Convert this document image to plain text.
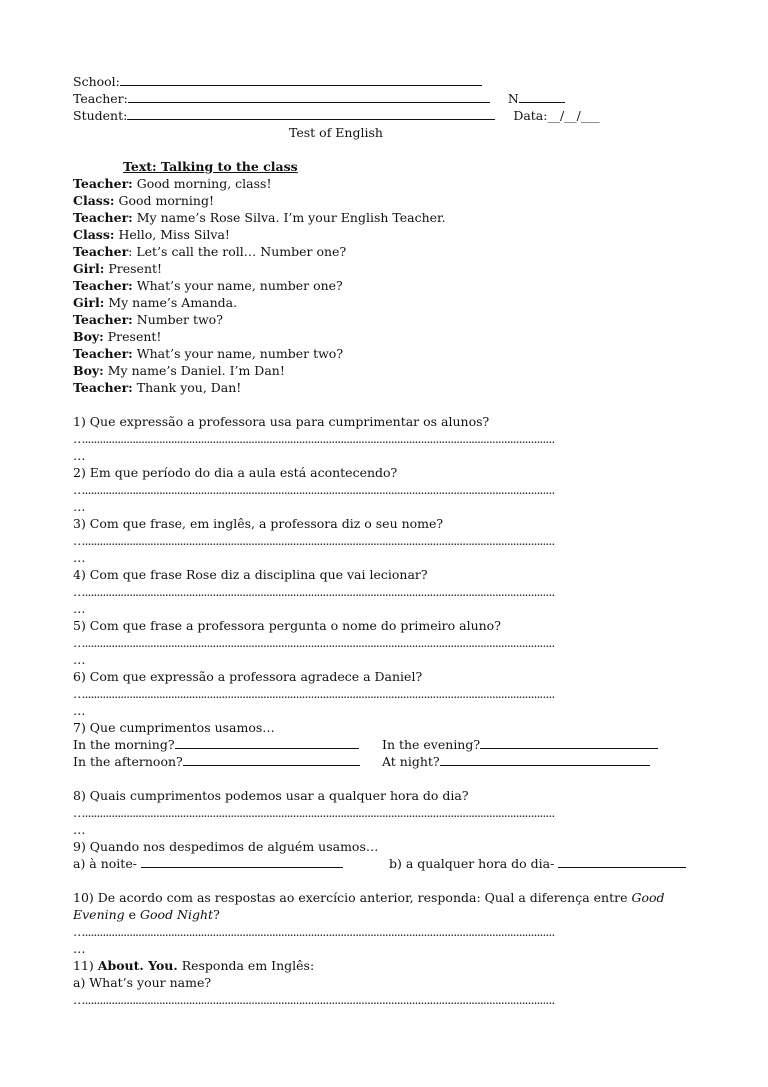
School:
Teacher:	N
Student:	Data:__/__/___
Test of English
Text: Talking to the class
Teacher: Good morning, class!
Class: Good morning!
Teacher: My name’s Rose Silva. I’m your English Teacher.
Class: Hello, Miss Silva!
Teacher: Let’s call the roll… Number one?
Girl: Present!
Teacher: What’s your name, number one?
Girl: My name’s Amanda.
Teacher: Number two?
Boy: Present!
Teacher: What’s your name, number two?
Boy: My name’s Daniel. I’m Dan!
Teacher: Thank you, Dan!
1) Que expressão a professora usa para cumprimentar os alunos?
…..............................................................................................................................................................
…
2) Em que período do dia a aula está acontecendo?
…..............................................................................................................................................................
…
3) Com que frase, em inglês, a professora diz o seu nome?
…..............................................................................................................................................................
…
4) Com que frase Rose diz a disciplina que vai lecionar?
…..............................................................................................................................................................
…
5) Com que frase a professora pergunta o nome do primeiro aluno?
…..............................................................................................................................................................
…
6) Com que expressão a professora agradece a Daniel?
…..............................................................................................................................................................
…
7) Que cumprimentos usamos…
In the morning?	In the evening?
In the afternoon?	At night?
8) Quais cumprimentos podemos usar a qualquer hora do dia?
…..............................................................................................................................................................
…
9) Quando nos despedimos de alguém usamos…
a) à noite-	b) a qualquer hora do dia-
10) De acordo com as respostas ao exercício anterior, responda: Qual a diferença entre Good
Evening e Good Night?
…..............................................................................................................................................................
…
11) About. You. Responda em Inglês:
a) What’s your name?
…..............................................................................................................................................................
